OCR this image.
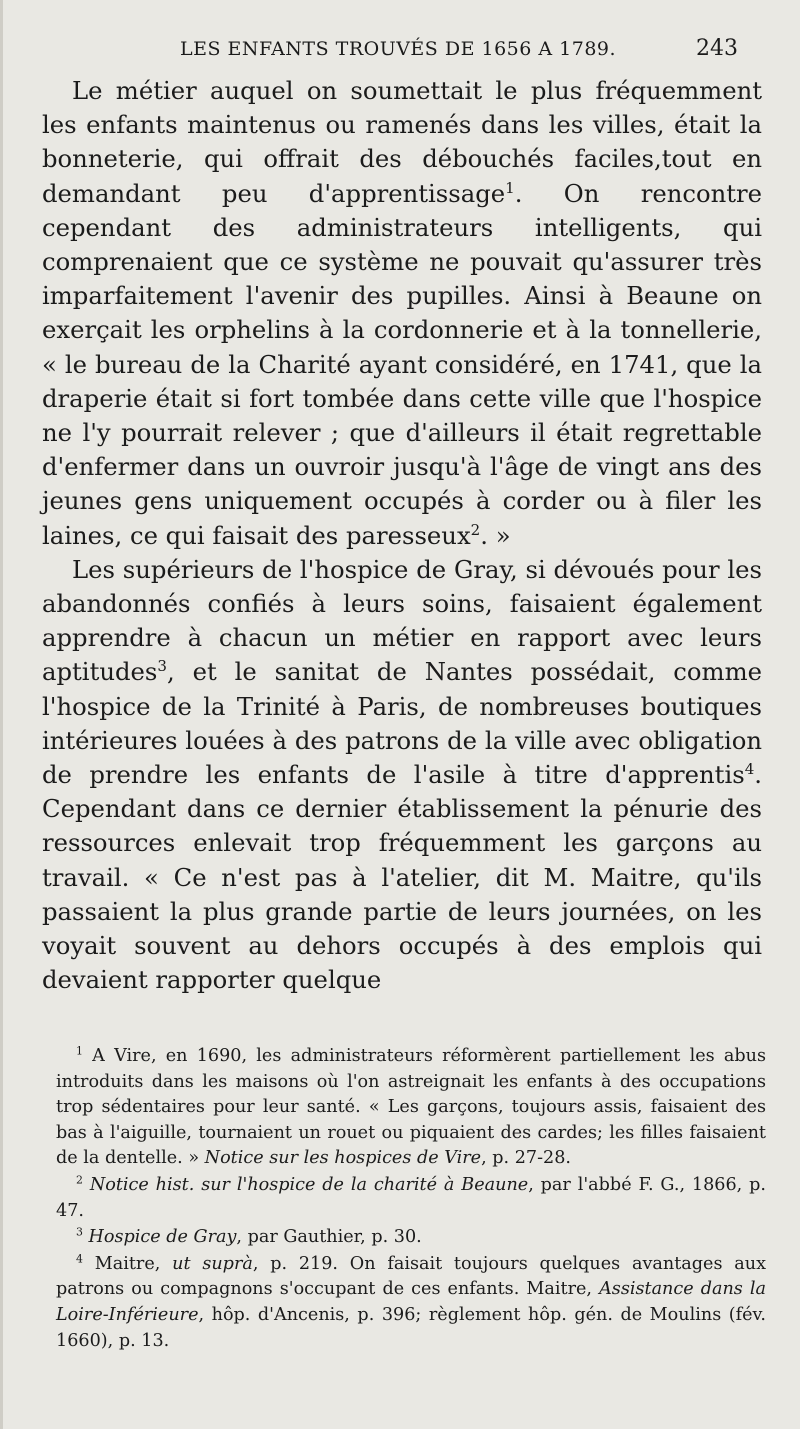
LES ENFANTS TROUVÉS DE 1656 A 1789.	243

Le métier auquel on soumettait le plus fréquemment les enfants maintenus ou ramenés dans les villes, était la bonneterie, qui offrait des débouchés faciles,tout en demandant peu d'apprentissage$^1$. On rencontre cependant des administrateurs intelligents, qui comprenaient que ce système ne pouvait qu'assurer très imparfaitement l'avenir des pupilles. Ainsi à Beaune on exerçait les orphelins à la cordonnerie et à la tonnellerie, « le bureau de la Charité ayant considéré, en 1741, que la draperie était si fort tombée dans cette ville que l'hospice ne l'y pourrait relever ; que d'ailleurs il était regrettable d'enfermer dans un ouvroir jusqu'à l'âge de vingt ans des jeunes gens uniquement occupés à corder ou à filer les laines, ce qui faisait des paresseux$^2$. »

Les supérieurs de l'hospice de Gray, si dévoués pour les abandonnés confiés à leurs soins, faisaient également apprendre à chacun un métier en rapport avec leurs aptitudes$^3$, et le sanitat de Nantes possédait, comme l'hospice de la Trinité à Paris, de nombreuses boutiques intérieures louées à des patrons de la ville avec obligation de prendre les enfants de l'asile à titre d'apprentis$^4$. Cependant dans ce dernier établissement la pénurie des ressources enlevait trop fréquemment les garçons au travail. « Ce n'est pas à l'atelier, dit M. Maitre, qu'ils passaient la plus grande partie de leurs journées, on les voyait souvent au dehors occupés à des emplois qui devaient rapporter quelque

$^1$ A Vire, en 1690, les administrateurs réformèrent partiellement les abus introduits dans les maisons où l'on astreignait les enfants à des occupations trop sédentaires pour leur santé. « Les garçons, toujours assis, faisaient des bas à l'aiguille, tournaient un rouet ou piquaient des cardes; les filles faisaient de la dentelle. » Notice sur les hospices de Vire, p. 27-28.

$^2$ Notice hist. sur l'hospice de la charité à Beaune, par l'abbé F. G., 1866, p. 47.

$^3$ Hospice de Gray, par Gauthier, p. 30.

$^4$ Maitre, ut suprà, p. 219. On faisait toujours quelques avantages aux patrons ou compagnons s'occupant de ces enfants. Maitre, Assistance dans la Loire-Inférieure, hôp. d'Ancenis, p. 396; règlement hôp. gén. de Moulins (fév. 1660), p. 13.
